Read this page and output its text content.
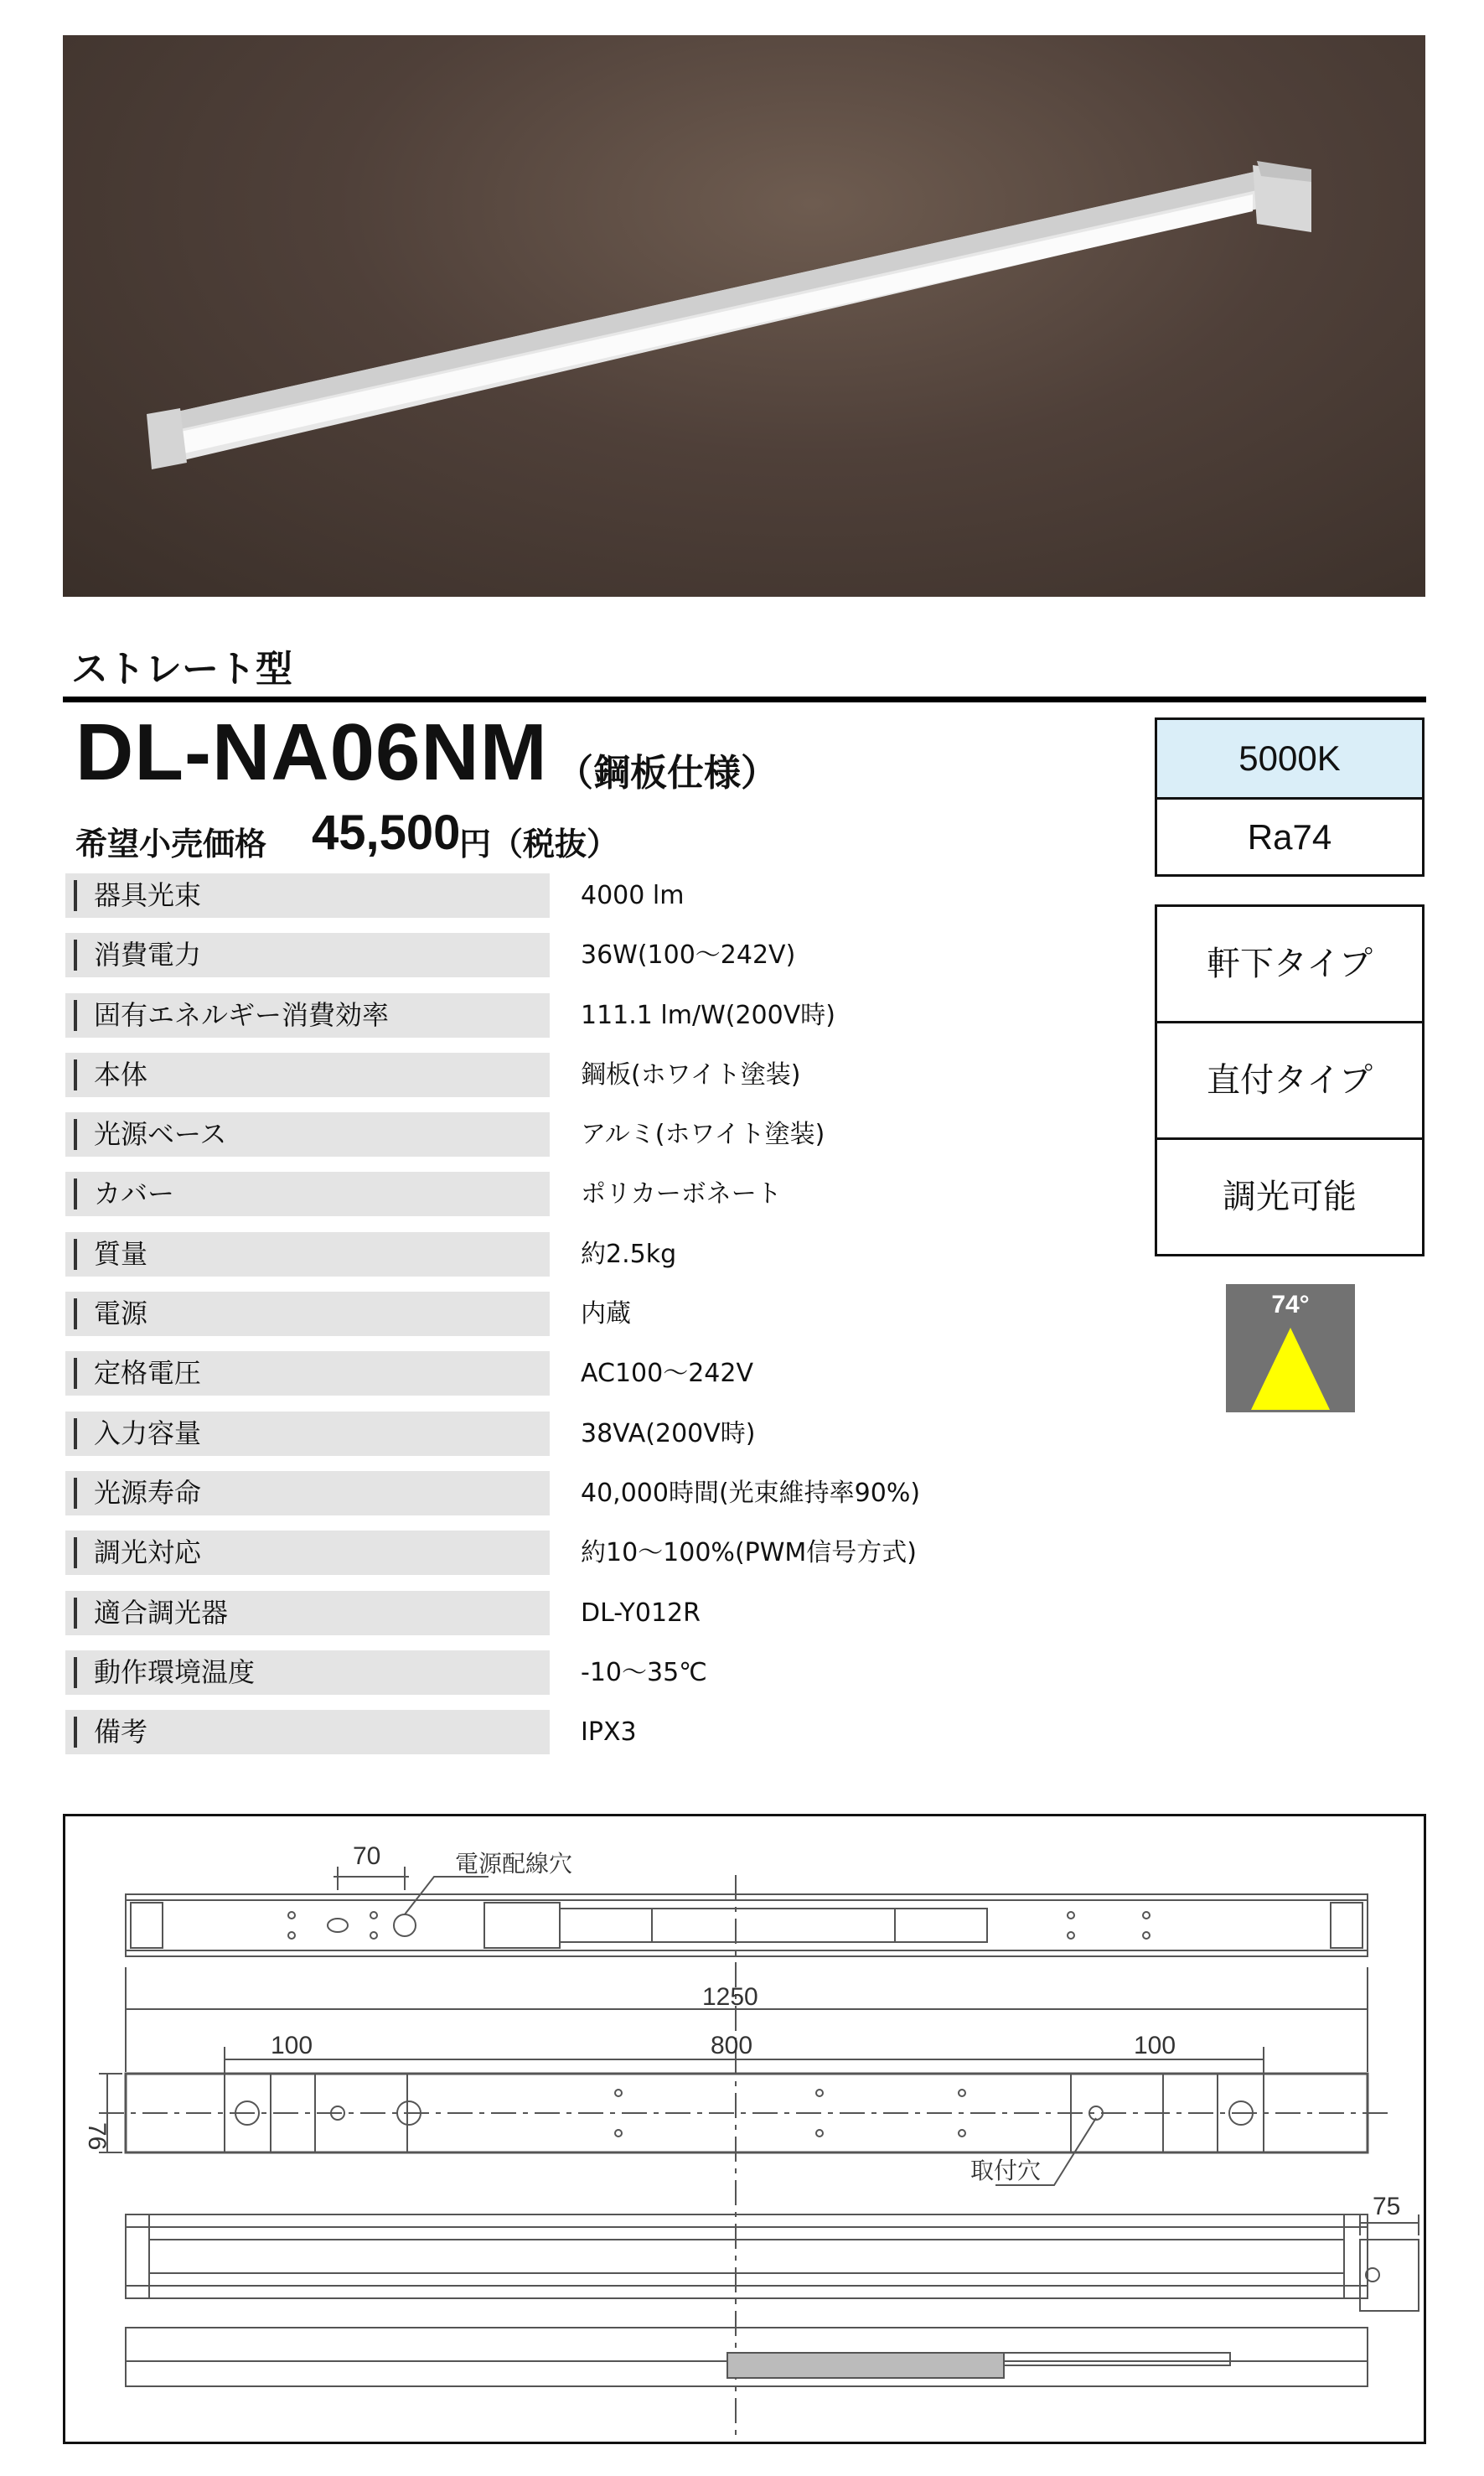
ストレート型
DL-NA06NM （鋼板仕様）
希望小売価格 45,500
円（税抜）
器具光束	4000 lm
消費電力	36W(100～242V)
固有エネルギー消費効率	111.1 lm/W(200V時)
本体	鋼板(ホワイト塗装)
光源ベース	アルミ(ホワイト塗装)
カバー	ポリカーボネート
質量	約2.5kg
電源	内蔵
定格電圧	AC100～242V
入力容量	38VA(200V時)
光源寿命	40,000時間(光束維持率90%)
調光対応	約10～100%(PWM信号方式)
適合調光器	DL-Y012R
動作環境温度	-10～35℃
備考	IPX3
5000K
Ra74
軒下タイプ
直付タイプ
調光可能
74°
70	電源配線穴
1250
100	800	100
76
取付穴
75
